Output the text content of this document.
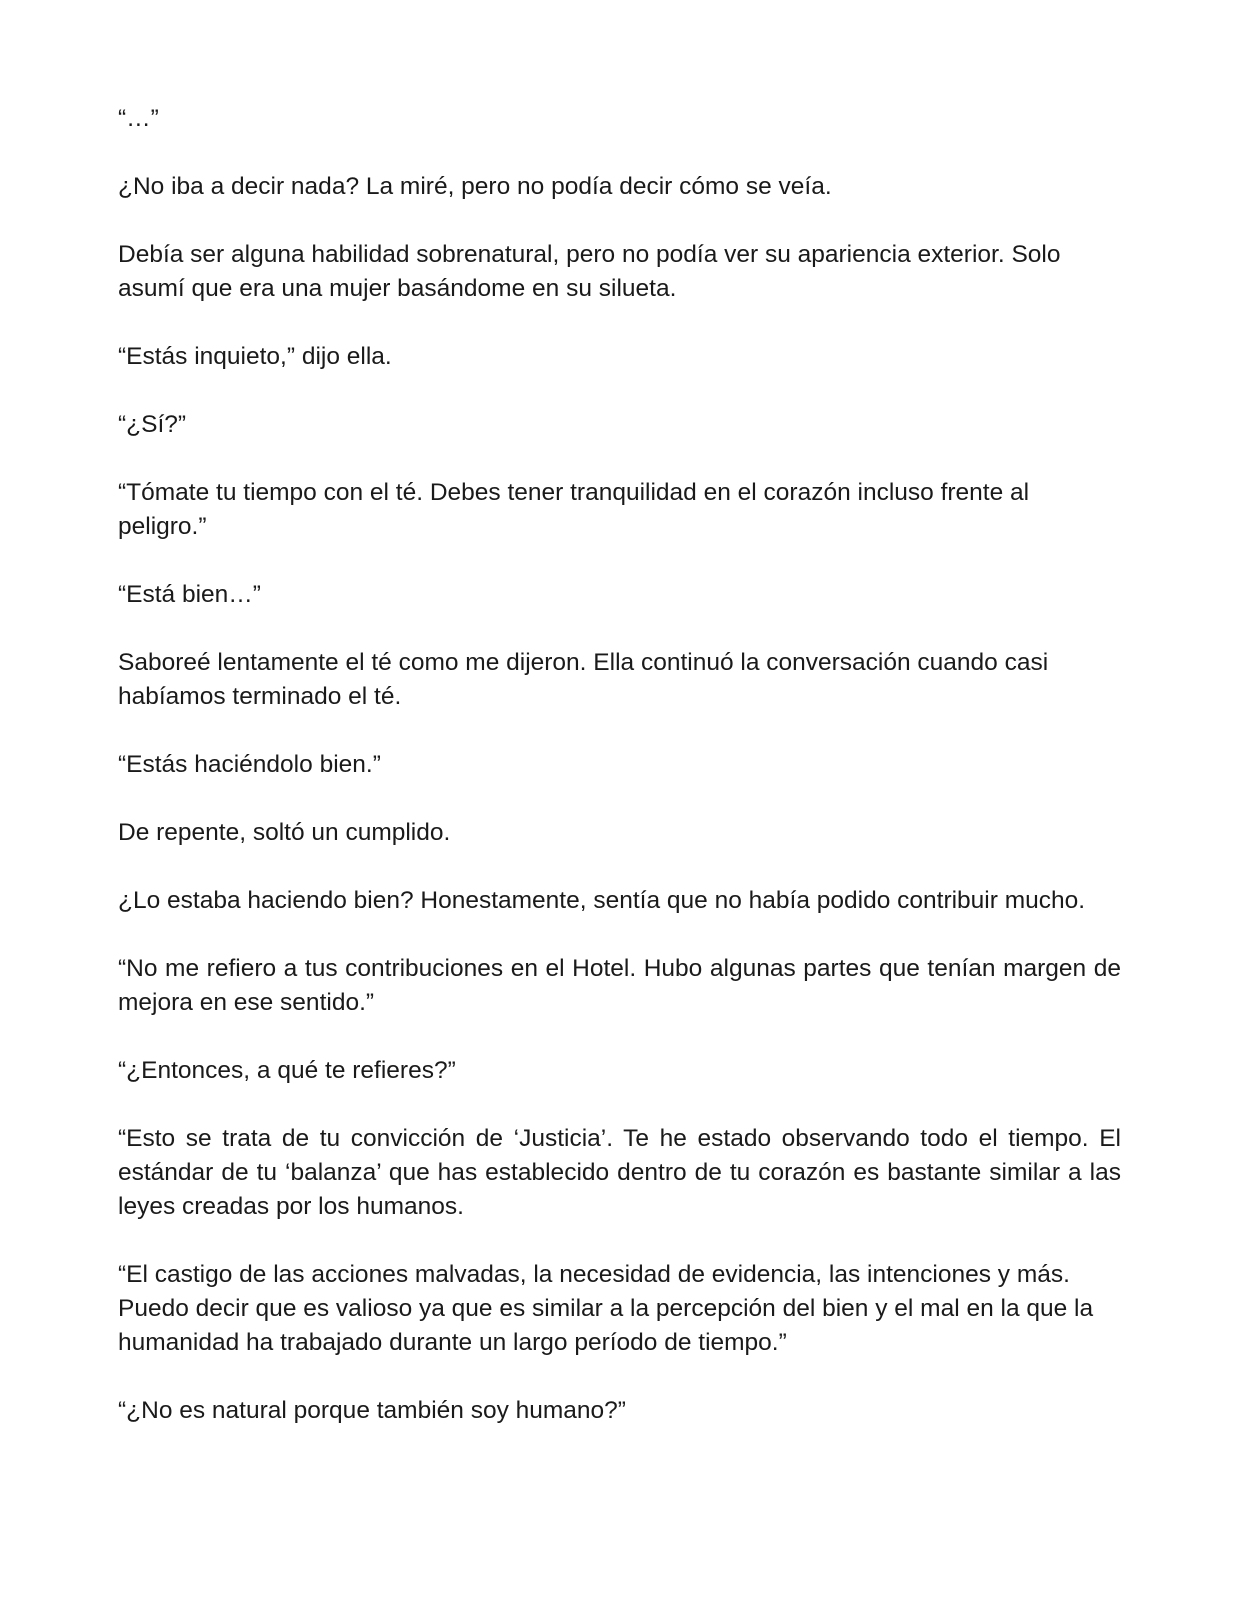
“…”

¿No iba a decir nada? La miré, pero no podía decir cómo se veía.

Debía ser alguna habilidad sobrenatural, pero no podía ver su apariencia exterior. Solo asumí que era una mujer basándome en su silueta.

“Estás inquieto,” dijo ella.

“¿Sí?”

“Tómate tu tiempo con el té. Debes tener tranquilidad en el corazón incluso frente al peligro.”

“Está bien…”

Saboreé lentamente el té como me dijeron. Ella continuó la conversación cuando casi habíamos terminado el té.

“Estás haciéndolo bien.”

De repente, soltó un cumplido.

¿Lo estaba haciendo bien? Honestamente, sentía que no había podido contribuir mucho.

“No me refiero a tus contribuciones en el Hotel. Hubo algunas partes que tenían margen de mejora en ese sentido.”

“¿Entonces, a qué te refieres?”

“Esto se trata de tu convicción de ‘Justicia’. Te he estado observando todo el tiempo. El estándar de tu ‘balanza’ que has establecido dentro de tu corazón es bastante similar a las leyes creadas por los humanos.

“El castigo de las acciones malvadas, la necesidad de evidencia, las intenciones y más. Puedo decir que es valioso ya que es similar a la percepción del bien y el mal en la que la humanidad ha trabajado durante un largo período de tiempo.”

“¿No es natural porque también soy humano?”
